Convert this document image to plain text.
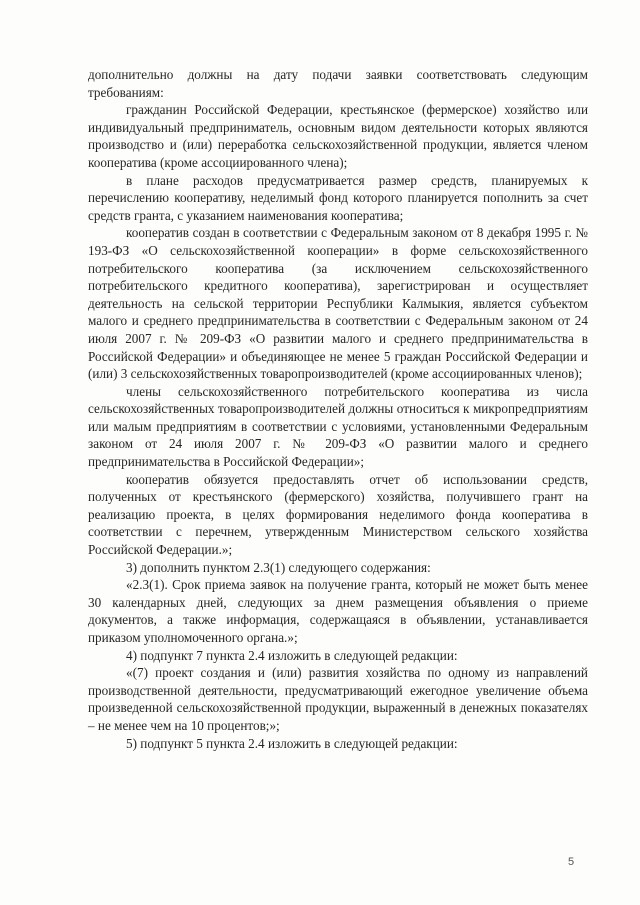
дополнительно должны на дату подачи заявки соответствовать следующим требованиям:

гражданин Российской Федерации, крестьянское (фермерское) хозяйство или индивидуальный предприниматель, основным видом деятельности которых являются производство и (или) переработка сельскохозяйственной продукции, является членом кооператива (кроме ассоциированного члена);

в плане расходов предусматривается размер средств, планируемых к перечислению кооперативу, неделимый фонд которого планируется пополнить за счет средств гранта, с указанием наименования кооператива;

кооператив создан в соответствии с Федеральным законом от 8 декабря 1995 г. № 193-ФЗ «О сельскохозяйственной кооперации» в форме сельскохозяйственного потребительского кооператива (за исключением сельскохозяйственного потребительского кредитного кооператива), зарегистрирован и осуществляет деятельность на сельской территории Республики Калмыкия, является субъектом малого и среднего предпринимательства в соответствии с Федеральным законом от 24 июля 2007 г. № 209-ФЗ «О развитии малого и среднего предпринимательства в Российской Федерации» и объединяющее не менее 5 граждан Российской Федерации и (или) 3 сельскохозяйственных товаропроизводителей (кроме ассоциированных членов);

члены сельскохозяйственного потребительского кооператива из числа сельскохозяйственных товаропроизводителей должны относиться к микропредприятиям или малым предприятиям в соответствии с условиями, установленными Федеральным законом от 24 июля 2007 г. № 209-ФЗ «О развитии малого и среднего предпринимательства в Российской Федерации»;

кооператив обязуется предоставлять отчет об использовании средств, полученных от крестьянского (фермерского) хозяйства, получившего грант на реализацию проекта, в целях формирования неделимого фонда кооператива в соответствии с перечнем, утвержденным Министерством сельского хозяйства Российской Федерации.»;

3) дополнить пунктом 2.3(1) следующего содержания:

«2.3(1). Срок приема заявок на получение гранта, который не может быть менее 30 календарных дней, следующих за днем размещения объявления о приеме документов, а также информация, содержащаяся в объявлении, устанавливается приказом уполномоченного органа.»;

4) подпункт 7 пункта 2.4 изложить в следующей редакции:

«(7) проект создания и (или) развития хозяйства по одному из направлений производственной деятельности, предусматривающий ежегодное увеличение объема произведенной сельскохозяйственной продукции, выраженный в денежных показателях – не менее чем на 10 процентов;»;

5) подпункт 5 пункта 2.4 изложить в следующей редакции:

5
